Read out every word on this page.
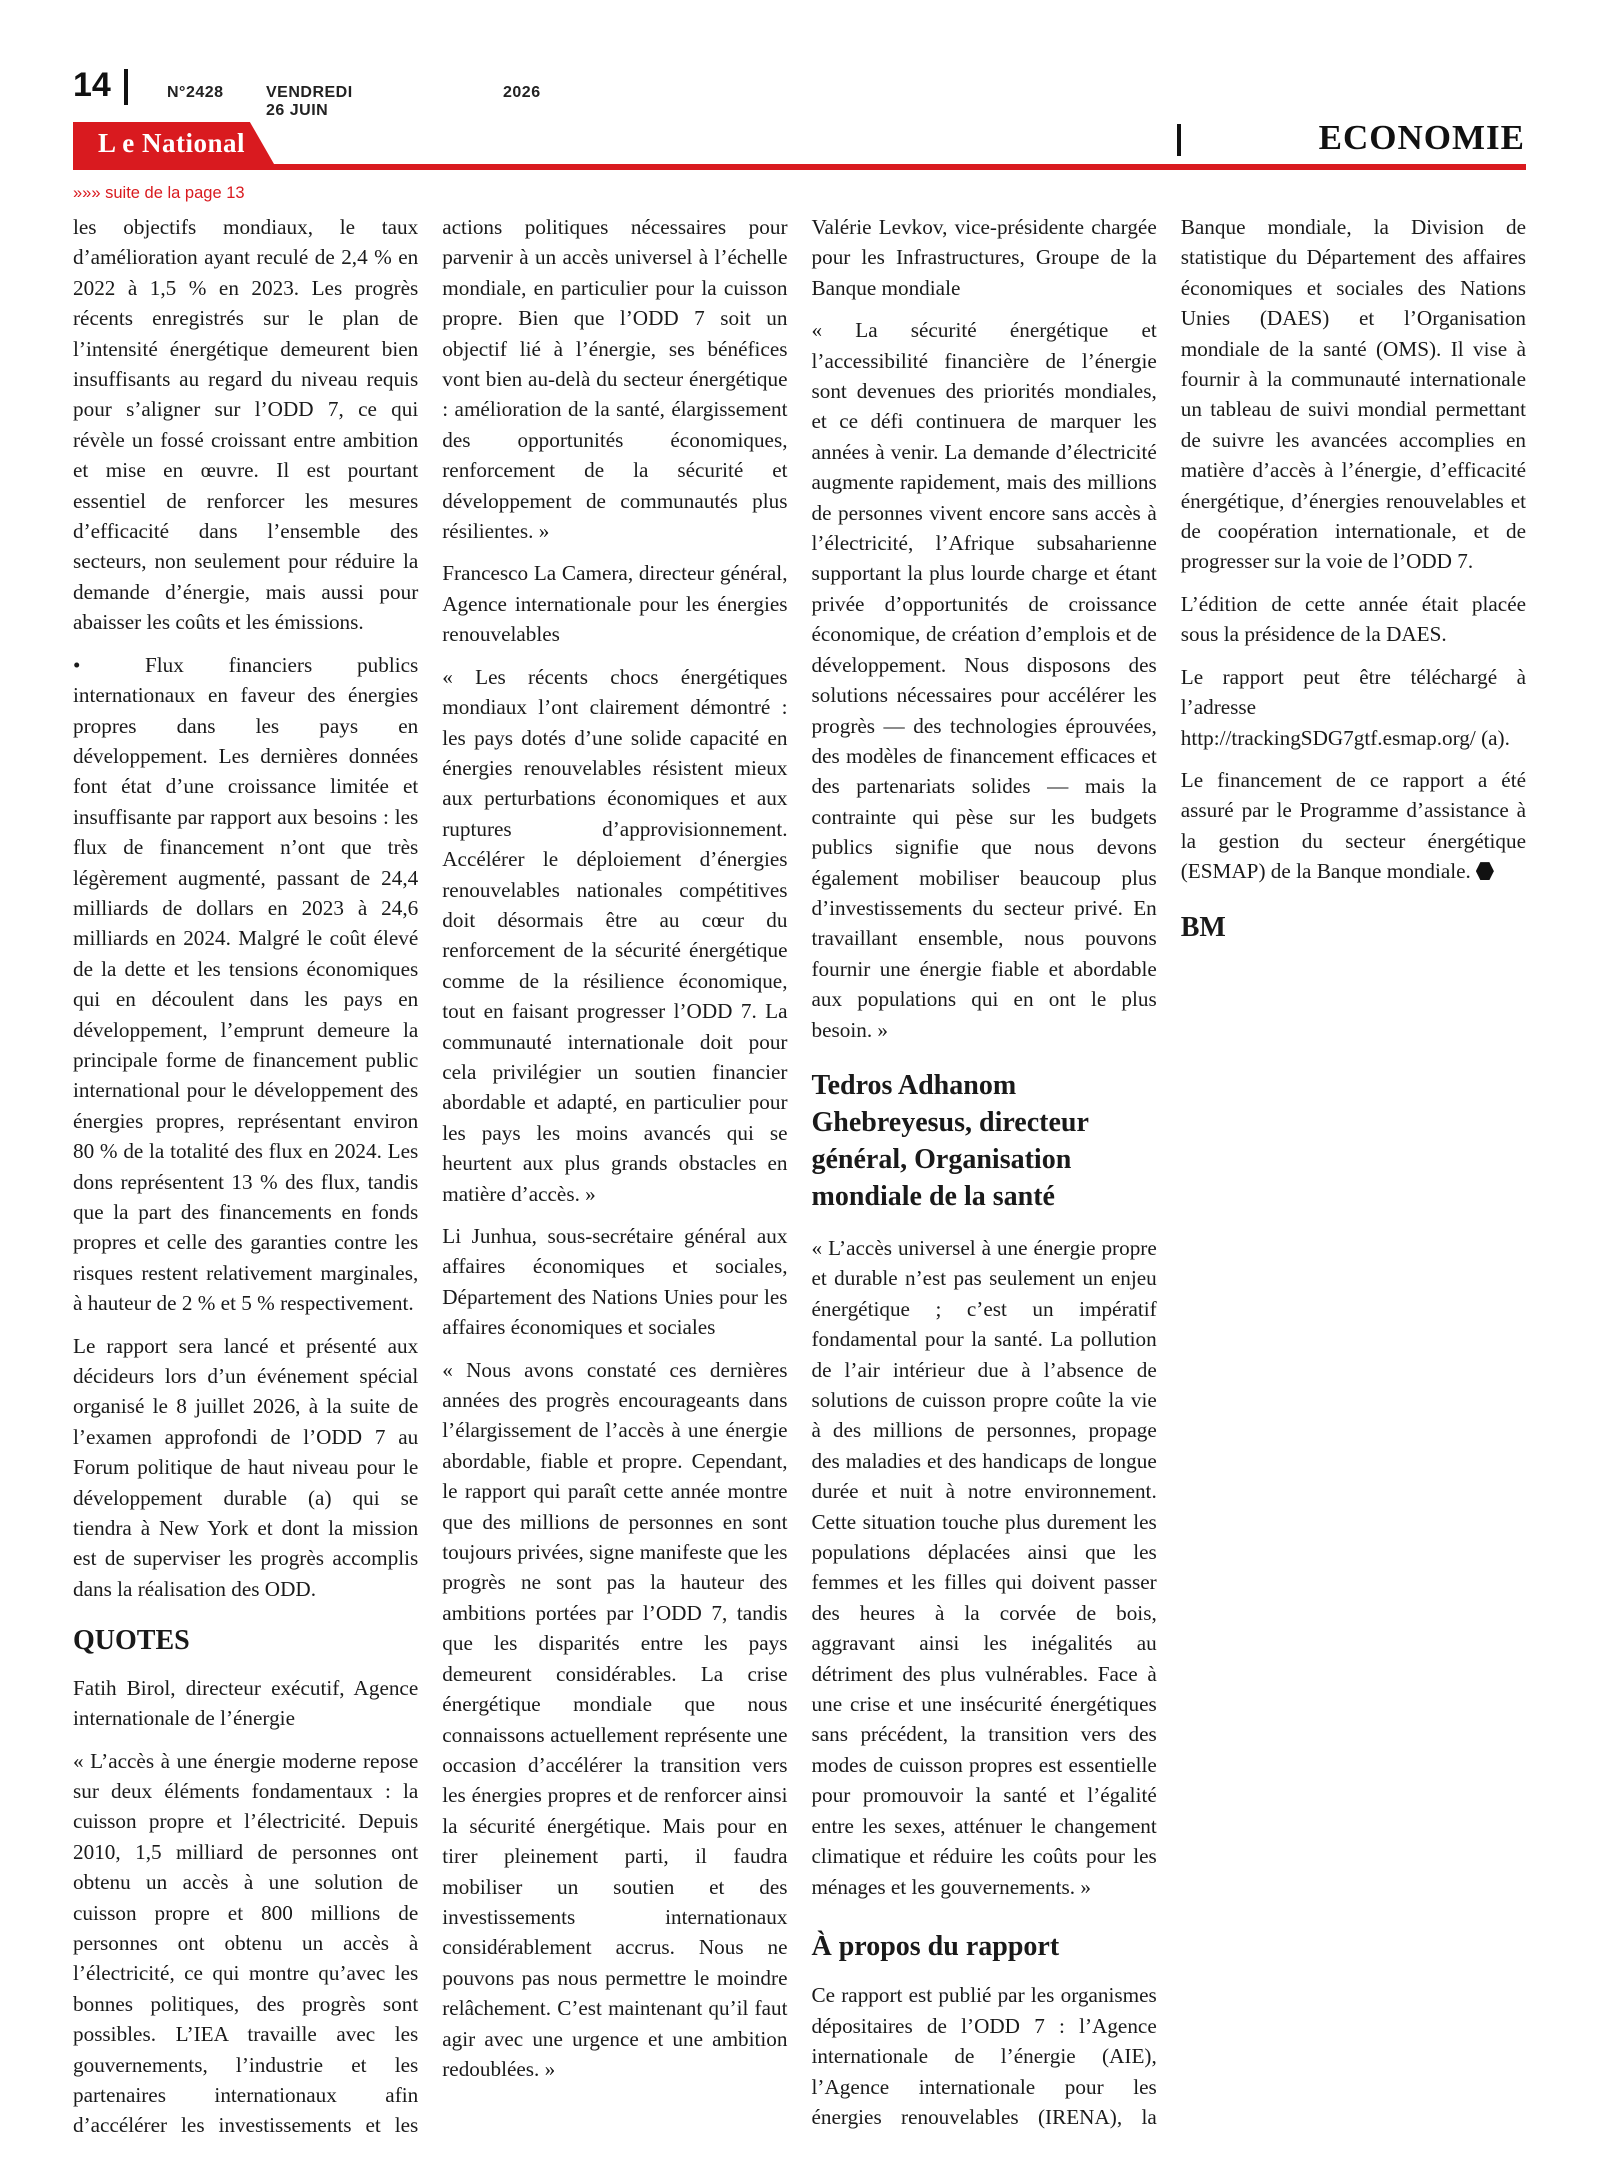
14	N°2428	VENDREDI 26 JUIN
2026
L e National	ECONOMIE
»»» suite de la page 13

les objectifs mondiaux, le taux d’amélioration ayant reculé de 2,4 % en 2022 à 1,5 % en 2023. Les progrès récents enregistrés sur le plan de l’intensité énergétique demeurent bien insuffisants au regard du niveau requis pour s’aligner sur l’ODD 7, ce qui révèle un fossé croissant entre ambition et mise en œuvre. Il est pourtant essentiel de renforcer les mesures d’efficacité dans l’ensemble des secteurs, non seulement pour réduire la demande d’énergie, mais aussi pour abaisser les coûts et les émissions.

•	Flux financiers publics internationaux en faveur des énergies propres dans les pays en développement. Les dernières données font état d’une croissance limitée et insuffisante par rapport aux besoins : les flux de financement n’ont que très légèrement augmenté, passant de 24,4 milliards de dollars en 2023 à 24,6 milliards en 2024. Malgré le coût élevé de la dette et les tensions économiques qui en découlent dans les pays en développement, l’emprunt demeure la principale forme de financement public international pour le développement des énergies propres, représentant environ 80 % de la totalité des flux en 2024. Les dons représentent 13 % des flux, tandis que la part des financements en fonds propres et celle des garanties contre les risques restent relativement marginales, à hauteur de 2 % et 5 % respectivement.

Le rapport sera lancé et présenté aux décideurs lors d’un événement spécial organisé le 8 juillet 2026, à la suite de l’examen approfondi de l’ODD 7 au Forum politique de haut niveau pour le développement durable (a) qui se tiendra à New York et dont la mission est de superviser les progrès accomplis dans la réalisation des ODD.

QUOTES

Fatih Birol, directeur exécutif, Agence internationale de l’énergie

« L’accès à une énergie moderne repose sur deux éléments fondamentaux : la cuisson propre et l’électricité. Depuis 2010, 1,5 milliard de personnes ont obtenu un accès à une solution de cuisson propre et 800 millions de personnes ont obtenu un accès à l’électricité, ce qui montre qu’avec les bonnes politiques, des progrès sont possibles. L’IEA travaille avec les gouvernements, l’industrie et les partenaires internationaux afin d’accélérer les investissements et les actions politiques nécessaires pour parvenir à un accès universel à l’échelle mondiale, en particulier pour la cuisson propre. Bien que l’ODD 7 soit un objectif lié à l’énergie, ses bénéfices vont bien au-delà du secteur énergétique : amélioration de la santé, élargissement des opportunités économiques, renforcement de la sécurité et développement de communautés plus résilientes. »

Francesco La Camera, directeur général, Agence internationale pour les énergies renouvelables

« Les récents chocs énergétiques mondiaux l’ont clairement démontré : les pays dotés d’une solide capacité en énergies renouvelables résistent mieux aux perturbations économiques et aux ruptures d’approvisionnement. Accélérer le déploiement d’énergies renouvelables nationales compétitives doit désormais être au cœur du renforcement de la sécurité énergétique comme de la résilience économique, tout en faisant progresser l’ODD 7. La communauté internationale doit pour cela privilégier un soutien financier abordable et adapté, en particulier pour les pays les moins avancés qui se heurtent aux plus grands obstacles en matière d’accès. »

Li Junhua, sous-secrétaire général aux affaires économiques et sociales, Département des Nations Unies pour les affaires économiques et sociales

« Nous avons constaté ces dernières années des progrès encourageants dans l’élargissement de l’accès à une énergie abordable, fiable et propre. Cependant, le rapport qui paraît cette année montre que des millions de personnes en sont toujours privées, signe manifeste que les progrès ne sont pas la hauteur des ambitions portées par l’ODD 7, tandis que les disparités entre les pays demeurent considérables. La crise énergétique mondiale que nous connaissons actuellement représente une occasion d’accélérer la transition vers les énergies propres et de renforcer ainsi la sécurité énergétique. Mais pour en tirer pleinement parti, il faudra mobiliser un soutien et des investissements internationaux considérablement accrus. Nous ne pouvons pas nous permettre le moindre relâchement. C’est maintenant qu’il faut agir avec une urgence et une ambition redoublées. »

Valérie Levkov, vice-présidente chargée pour les Infrastructures, Groupe de la Banque mondiale

« La sécurité énergétique et l’accessibilité financière de l’énergie sont devenues des priorités mondiales, et ce défi continuera de marquer les années à venir. La demande d’électricité augmente rapidement, mais des millions de personnes vivent encore sans accès à l’électricité, l’Afrique subsaharienne supportant la plus lourde charge et étant privée d’opportunités de croissance économique, de création d’emplois et de développement. Nous disposons des solutions nécessaires pour accélérer les progrès — des technologies éprouvées, des modèles de financement efficaces et des partenariats solides — mais la contrainte qui pèse sur les budgets publics signifie que nous devons également mobiliser beaucoup plus d’investissements du secteur privé. En travaillant ensemble, nous pouvons fournir une énergie fiable et abordable aux populations qui en ont le plus besoin. »

Tedros Adhanom Ghebreyesus, directeur général, Organisation mondiale de la santé

« L’accès universel à une énergie propre et durable n’est pas seulement un enjeu énergétique ; c’est un impératif fondamental pour la santé. La pollution de l’air intérieur due à l’absence de solutions de cuisson propre coûte la vie à des millions de personnes, propage des maladies et des handicaps de longue durée et nuit à notre environnement. Cette situation touche plus durement les populations déplacées ainsi que les femmes et les filles qui doivent passer des heures à la corvée de bois, aggravant ainsi les inégalités au détriment des plus vulnérables. Face à une crise et une insécurité énergétiques sans précédent, la transition vers des modes de cuisson propres est essentielle pour promouvoir la santé et l’égalité entre les sexes, atténuer le changement climatique et réduire les coûts pour les ménages et les gouvernements. »

À propos du rapport

Ce rapport est publié par les organismes dépositaires de l’ODD 7 : l’Agence internationale de l’énergie (AIE), l’Agence internationale pour les énergies renouvelables (IRENA), la Banque mondiale, la Division de statistique du Département des affaires économiques et sociales des Nations Unies (DAES) et l’Organisation mondiale de la santé (OMS). Il vise à fournir à la communauté internationale un tableau de suivi mondial permettant de suivre les avancées accomplies en matière d’accès à l’énergie, d’efficacité énergétique, d’énergies renouvelables et de coopération internationale, et de progresser sur la voie de l’ODD 7.

L’édition de cette année était placée sous la présidence de la DAES.

Le rapport peut être téléchargé à l’adresse http://trackingSDG7gtf.esmap.org/ (a).

Le financement de ce rapport a été assuré par le Programme d’assistance à la gestion du secteur énergétique (ESMAP) de la Banque mondiale.

BM
